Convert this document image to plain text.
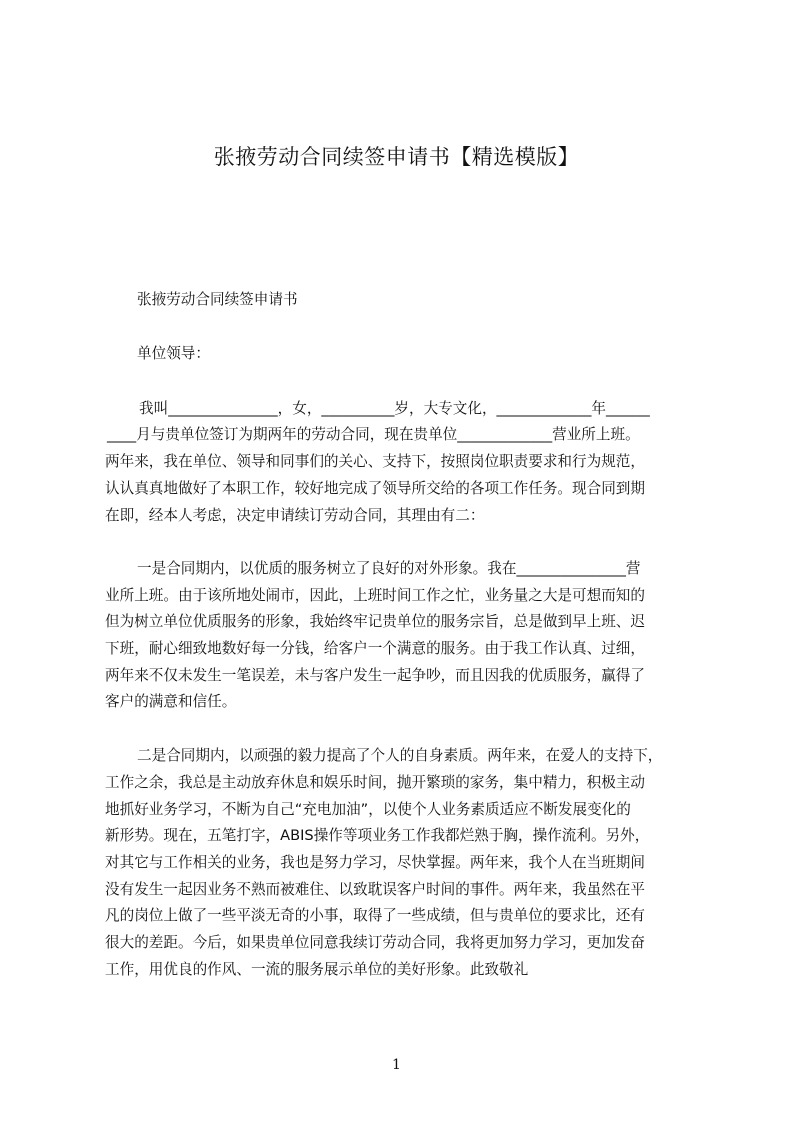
张掖劳动合同续签申请书【精选模版】

张掖劳动合同续签申请书

单位领导：

我叫_______________，女，__________岁，大专文化，_____________年______

____月与贵单位签订为期两年的劳动合同，现在贵单位_____________营业所上班。

两年来，我在单位、领导和同事们的关心、支持下，按照岗位职责要求和行为规范，

认认真真地做好了本职工作，较好地完成了领导所交给的各项工作任务。现合同到期

在即，经本人考虑，决定申请续订劳动合同，其理由有二：

一是合同期内，以优质的服务树立了良好的对外形象。我在_______________营

业所上班。由于该所地处闹市，因此，上班时间工作之忙，业务量之大是可想而知的

但为树立单位优质服务的形象，我始终牢记贵单位的服务宗旨，总是做到早上班、迟

下班，耐心细致地数好每一分钱，给客户一个满意的服务。由于我工作认真、过细，

两年来不仅未发生一笔误差，未与客户发生一起争吵，而且因我的优质服务，赢得了

客户的满意和信任。

二是合同期内，以顽强的毅力提高了个人的自身素质。两年来，在爱人的支持下，

工作之余，我总是主动放弃休息和娱乐时间，抛开繁琐的家务，集中精力，积极主动

地抓好业务学习，不断为自己“充电加油”，以使个人业务素质适应不断发展变化的

新形势。现在，五笔打字，ABIS操作等项业务工作我都烂熟于胸，操作流利。另外，

对其它与工作相关的业务，我也是努力学习，尽快掌握。两年来，我个人在当班期间

没有发生一起因业务不熟而被难住、以致耽误客户时间的事件。两年来，我虽然在平

凡的岗位上做了一些平淡无奇的小事，取得了一些成绩，但与贵单位的要求比，还有

很大的差距。今后，如果贵单位同意我续订劳动合同，我将更加努力学习，更加发奋

工作，用优良的作风、一流的服务展示单位的美好形象。此致敬礼

1
